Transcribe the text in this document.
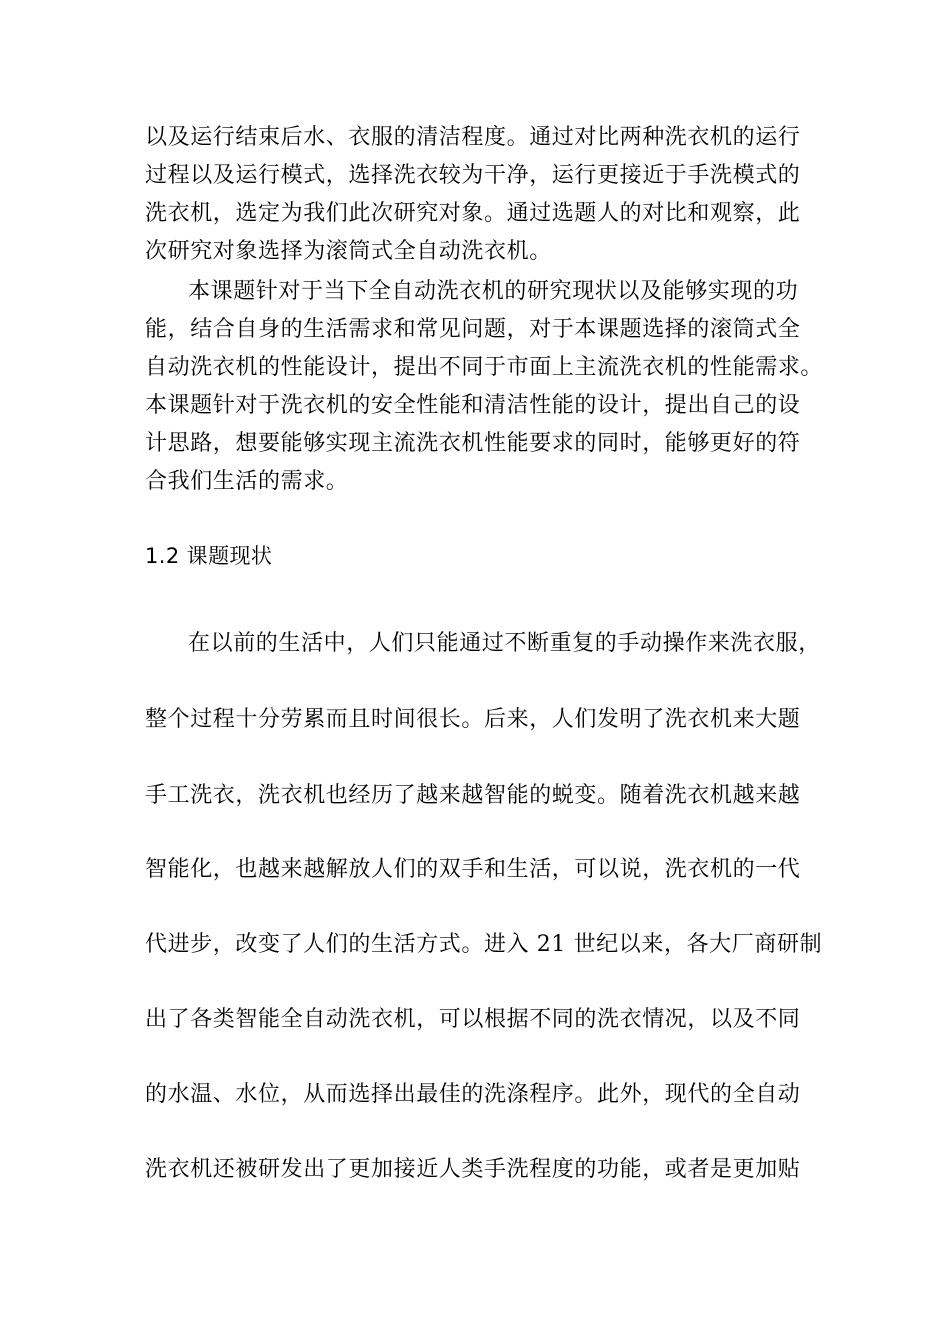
以及运行结束后水、衣服的清洁程度。通过对比两种洗衣机的运行
过程以及运行模式，选择洗衣较为干净，运行更接近于手洗模式的
洗衣机，选定为我们此次研究对象。通过选题人的对比和观察，此
次研究对象选择为滚筒式全自动洗衣机。
本课题针对于当下全自动洗衣机的研究现状以及能够实现的功
能，结合自身的生活需求和常见问题，对于本课题选择的滚筒式全
自动洗衣机的性能设计，提出不同于市面上主流洗衣机的性能需求。
本课题针对于洗衣机的安全性能和清洁性能的设计，提出自己的设
计思路，想要能够实现主流洗衣机性能要求的同时，能够更好的符
合我们生活的需求。
1.2 课题现状
在以前的生活中，人们只能通过不断重复的手动操作来洗衣服，
整个过程十分劳累而且时间很长。后来，人们发明了洗衣机来大题
手工洗衣，洗衣机也经历了越来越智能的蜕变。随着洗衣机越来越
智能化，也越来越解放人们的双手和生活，可以说，洗衣机的一代
代进步，改变了人们的生活方式。进入 21 世纪以来，各大厂商研制
出了各类智能全自动洗衣机，可以根据不同的洗衣情况，以及不同
的水温、水位，从而选择出最佳的洗涤程序。此外，现代的全自动
洗衣机还被研发出了更加接近人类手洗程度的功能，或者是更加贴
